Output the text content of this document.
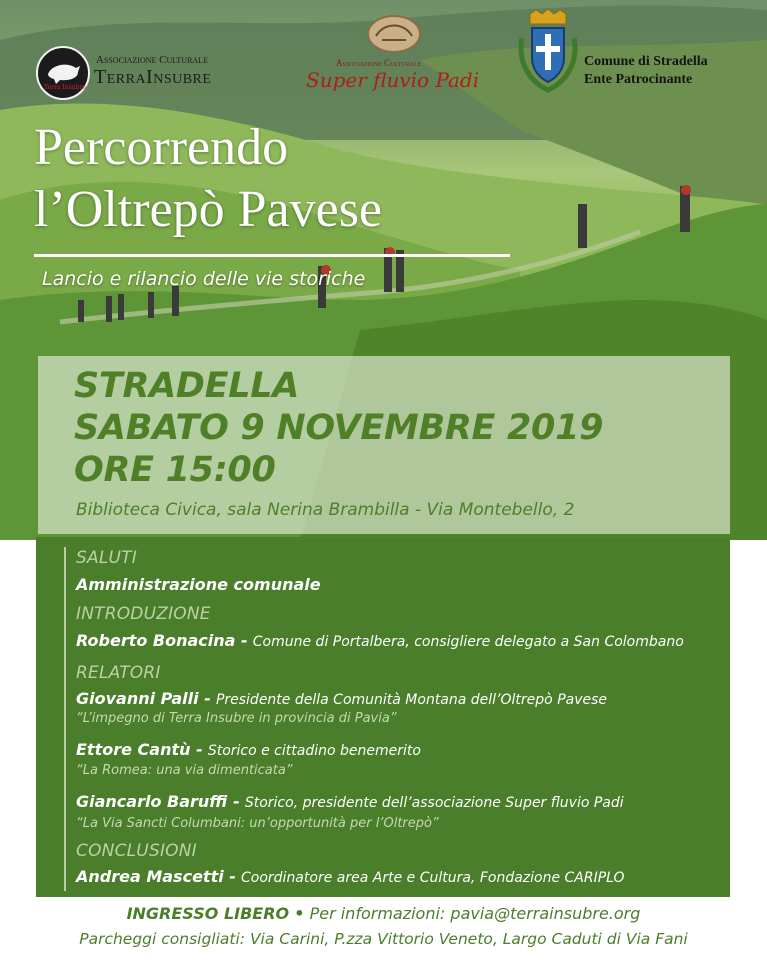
Terra Insubre
Associazione Culturale
TerraInsubre
Associazione Culturale
Super fluvio Padi
Comune di Stradella
Ente Patrocinante
Percorrendo
l’Oltrepò Pavese
Lancio e rilancio delle vie storiche
STRADELLA
SABATO 9 NOVEMBRE 2019
ORE 15:00
Biblioteca Civica, sala Nerina Brambilla - Via Montebello, 2
SALUTI
Amministrazione comunale
INTRODUZIONE
Roberto Bonacina - Comune di Portalbera, consigliere delegato a San Colombano
RELATORI
Giovanni Palli - Presidente della Comunità Montana dell’Oltrepò Pavese
“L’impegno di Terra Insubre in provincia di Pavia”
Ettore Cantù - Storico e cittadino benemerito
“La Romea: una via dimenticata”
Giancarlo Baruffi - Storico, presidente dell’associazione Super fluvio Padi
“La Via Sancti Columbani: un’opportunità per l’Oltrepò”
CONCLUSIONI
Andrea Mascetti - Coordinatore area Arte e Cultura, Fondazione CARIPLO
INGRESSO LIBERO • Per informazioni: pavia@terrainsubre.org
Parcheggi consigliati: Via Carini, P.zza Vittorio Veneto, Largo Caduti di Via Fani
